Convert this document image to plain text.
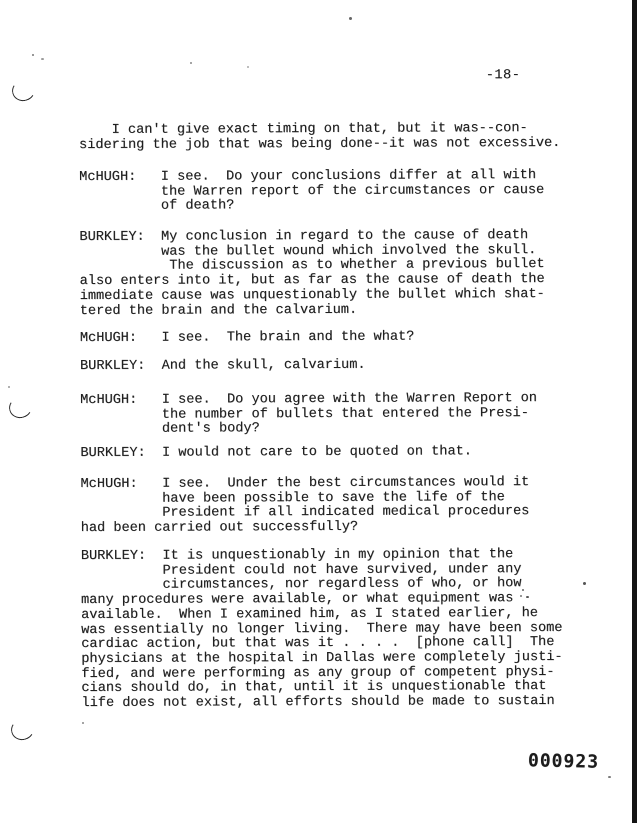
-18-
I can't give exact timing on that, but it was--con-
sidering the job that was being done--it was not excessive.
McHUGH:   I see.  Do your conclusions differ at all with
the Warren report of the circumstances or cause
of death?
BURKLEY:  My conclusion in regard to the cause of death
was the bullet wound which involved the skull.
The discussion as to whether a previous bullet
also enters into it, but as far as the cause of death the
immediate cause was unquestionably the bullet which shat-
tered the brain and the calvarium.
McHUGH:   I see.  The brain and the what?
BURKLEY:  And the skull, calvarium.
McHUGH:   I see.  Do you agree with the Warren Report on
the number of bullets that entered the Presi-
dent's body?
BURKLEY:  I would not care to be quoted on that.
McHUGH:   I see.  Under the best circumstances would it
have been possible to save the life of the
President if all indicated medical procedures
had been carried out successfully?
BURKLEY:  It is unquestionably in my opinion that the
President could not have survived, under any
circumstances, nor regardless of who, or how
many procedures were available, or what equipment was
available.  When I examined him, as I stated earlier, he
was essentially no longer living.  There may have been some
cardiac action, but that was it . . . .  [phone call]  The
physicians at the hospital in Dallas were completely justi-
fied, and were performing as any group of competent physi-
cians should do, in that, until it is unquestionable that
life does not exist, all efforts should be made to sustain
000923
